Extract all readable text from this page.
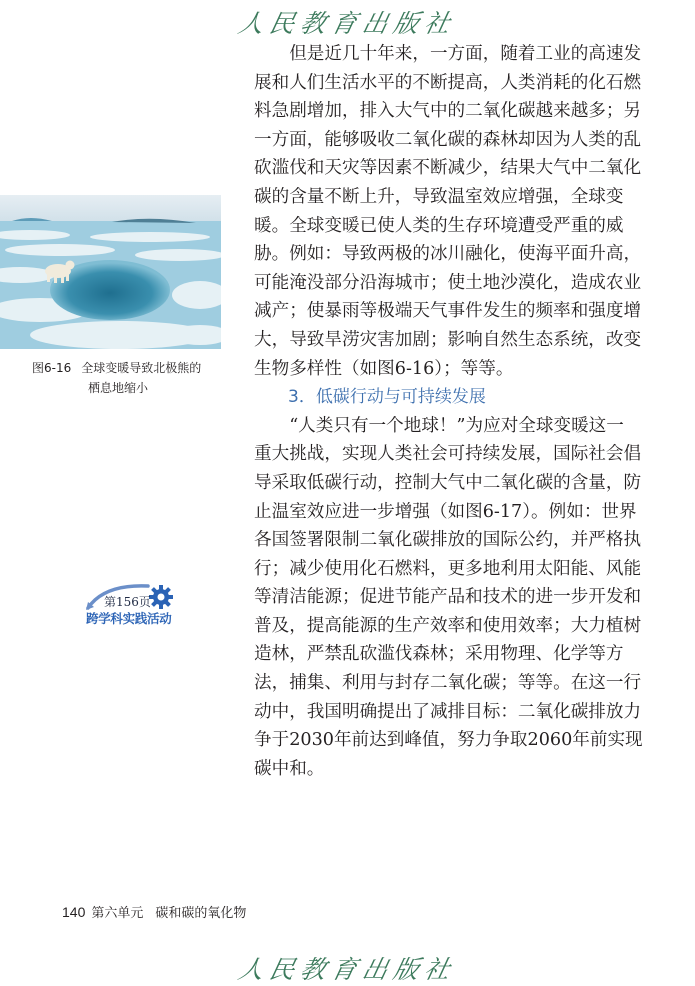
人民教育出版社
图6-16 全球变暖导致北极熊的
栖息地缩小
第156页
跨学科实践活动

但是近几十年来，一方面，随着工业的高速发
展和人们生活水平的不断提高，人类消耗的化石燃
料急剧增加，排入大气中的二氧化碳越来越多；另
一方面，能够吸收二氧化碳的森林却因为人类的乱
砍滥伐和天灾等因素不断减少，结果大气中二氧化
碳的含量不断上升，导致温室效应增强，全球变
暖。全球变暖已使人类的生存环境遭受严重的威
胁。例如：导致两极的冰川融化，使海平面升高，
可能淹没部分沿海城市；使土地沙漠化，造成农业
减产；使暴雨等极端天气事件发生的频率和强度增
大，导致旱涝灾害加剧；影响自然生态系统，改变
生物多样性（如图6-16）；等等。

3．低碳行动与可持续发展

“人类只有一个地球！”为应对全球变暖这一
重大挑战，实现人类社会可持续发展，国际社会倡
导采取低碳行动，控制大气中二氧化碳的含量，防
止温室效应进一步增强（如图6-17）。例如：世界
各国签署限制二氧化碳排放的国际公约，并严格执
行；减少使用化石燃料，更多地利用太阳能、风能
等清洁能源；促进节能产品和技术的进一步开发和
普及，提高能源的生产效率和使用效率；大力植树
造林，严禁乱砍滥伐森林；采用物理、化学等方
法，捕集、利用与封存二氧化碳；等等。在这一行
动中，我国明确提出了减排目标：二氧化碳排放力
争于2030年前达到峰值，努力争取2060年前实现
碳中和。

140 第六单元 碳和碳的氧化物
人民教育出版社
